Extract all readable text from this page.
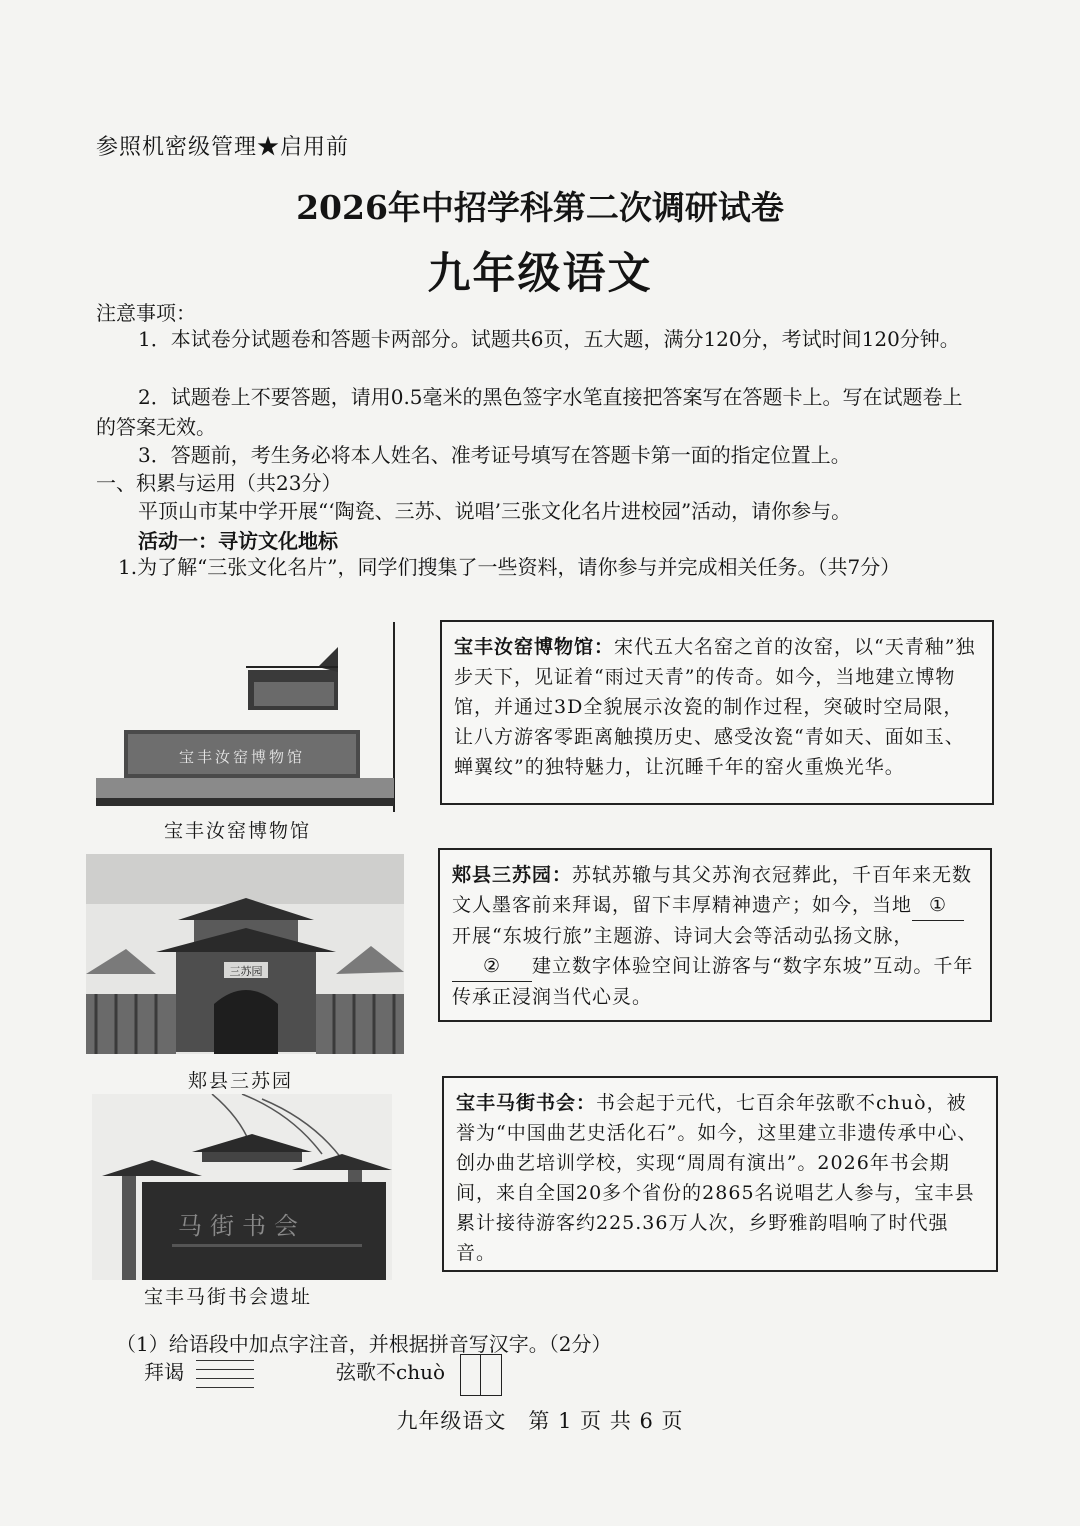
参照机密级管理★启用前
2026年中招学科第二次调研试卷
九年级语文
注意事项：
1．本试卷分试题卷和答题卡两部分。试题共6页，五大题，满分120分，考试时间120分钟。
2．试题卷上不要答题，请用0.5毫米的黑色签字水笔直接把答案写在答题卡上。写在试题卷上的答案无效。
3．答题前，考生务必将本人姓名、准考证号填写在答题卡第一面的指定位置上。
一、积累与运用（共23分）
平顶山市某中学开展“‘陶瓷、三苏、说唱’三张文化名片进校园”活动，请你参与。
活动一：寻访文化地标
1.为了解“三张文化名片”，同学们搜集了一些资料，请你参与并完成相关任务。（共7分）
宝丰汝窑博物馆
宝丰汝窑博物馆
宝丰汝窑博物馆：宋代五大名窑之首的汝窑，以“天青釉”独步天下，见证着“雨过天青”的传奇。如今，当地建立博物馆，并通过3D全貌展示汝瓷的制作过程，突破时空局限，让八方游客零距离触摸历史、感受汝瓷“青如天、面如玉、蝉翼纹”的独特魅力，让沉睡千年的窑火重焕光华。
三苏园
郏县三苏园
郏县三苏园：苏轼苏辙与其父苏洵衣冠葬此，千百年来无数文人墨客前来拜谒，留下丰厚精神遗产；如今，当地 ①开展“东坡行旅”主题游、诗词大会等活动弘扬文脉，② 建立数字体验空间让游客与“数字东坡”互动。千年传承正浸润当代心灵。
马街书会
宝丰马街书会遗址
宝丰马街书会：书会起于元代，七百余年弦歌不chuò，被誉为“中国曲艺史活化石”。如今，这里建立非遗传承中心、创办曲艺培训学校，实现“周周有演出”。2026年书会期间，来自全国20多个省份的2865名说唱艺人参与，宝丰县累计接待游客约225.36万人次，乡野雅韵唱响了时代强音。
（1）给语段中加点字注音，并根据拼音写汉字。（2分）
拜谒	弦歌不chuò
九年级语文　第 1 页 共 6 页
